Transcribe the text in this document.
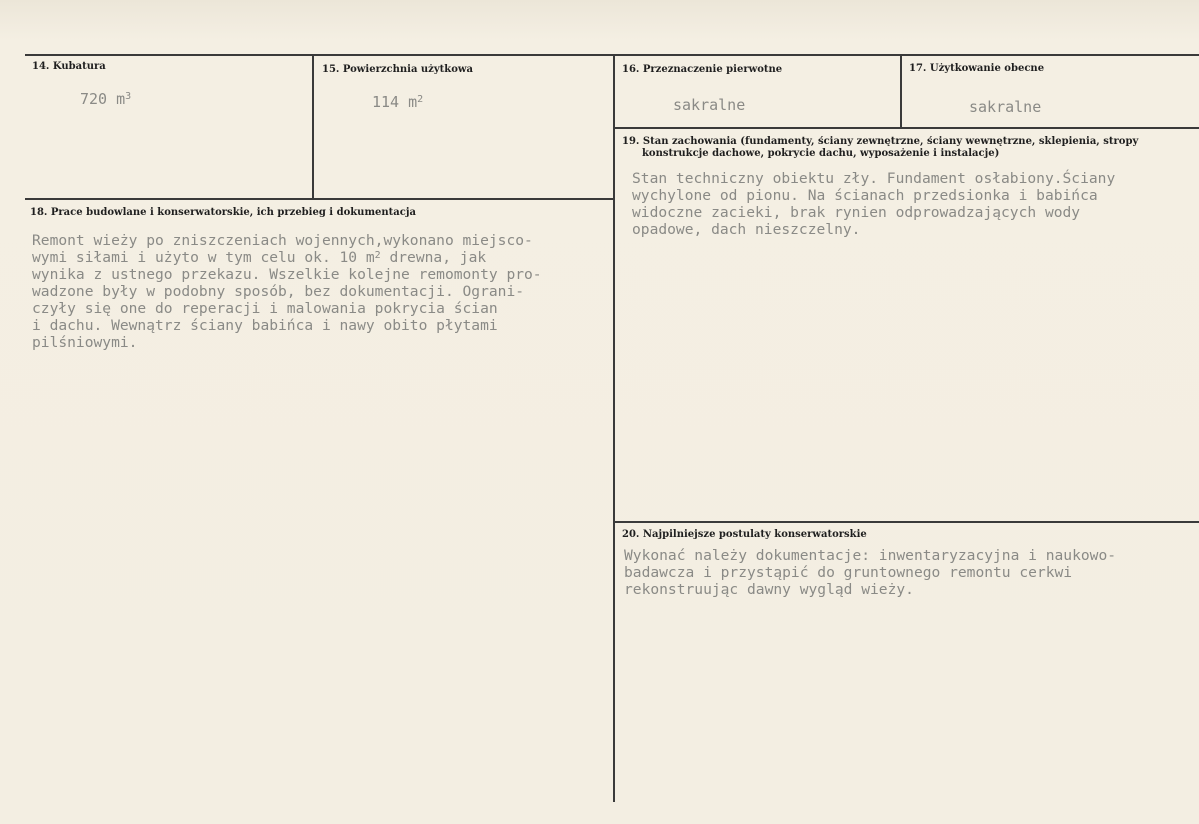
14. Kubatura
720 $m^3$
15. Powierzchnia użytkowa
114 $m^2$
16. Przeznaczenie pierwotne
sakralne
17. Użytkowanie obecne
sakralne
19. Stan zachowania (fundamenty, ściany zewnętrzne, ściany wewnętrzne, sklepienia, stropy
konstrukcje dachowe, pokrycie dachu, wyposażenie i instalacje)
Stan techniczny obiektu zły. Fundament osłabiony.Ściany
wychylone od pionu. Na ścianach przedsionka i babińca
widoczne zacieki, brak rynien odprowadzających wody
opadowe, dach nieszczelny.
18. Prace budowlane i konserwatorskie, ich przebieg i dokumentacja
Remont wieży po zniszczeniach wojennych,wykonano miejsco-
wymi siłami i użyto w tym celu ok. 10 $m^2$ drewna, jak
wynika z ustnego przekazu. Wszelkie kolejne remomonty pro-
wadzone były w podobny sposób, bez dokumentacji. Ograni-
czyły się one do reperacji i malowania pokrycia ścian
i dachu. Wewnątrz ściany babińca i nawy obito płytami
pilśniowymi.
20. Najpilniejsze postulaty konserwatorskie
Wykonać należy dokumentacje: inwentaryzacyjna i naukowo-
badawcza i przystąpić do gruntownego remontu cerkwi
rekonstruując dawny wygląd wieży.
